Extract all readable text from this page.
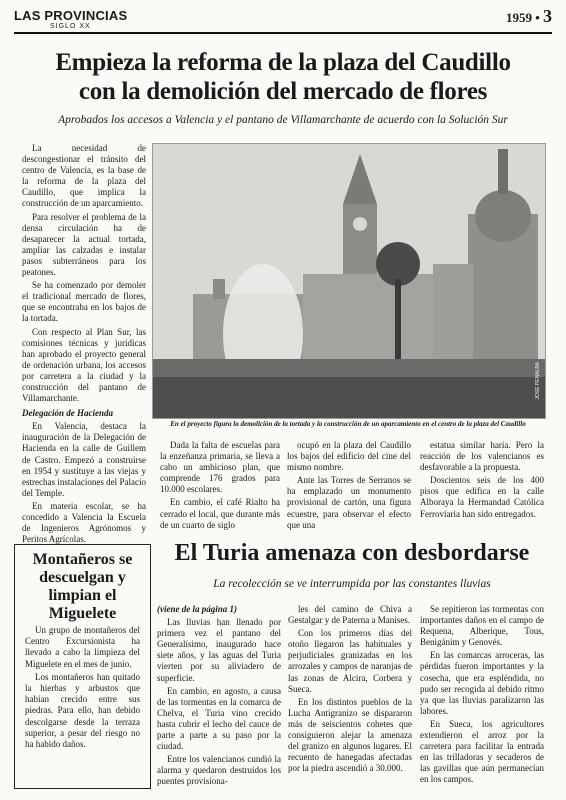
LAS PROVINCIAS
SIGLO XX
1959 • 3
Empieza la reforma de la plaza del Caudillo
con la demolición del mercado de flores
Aprobados los accesos a Valencia y el pantano de Villamarchante de acuerdo con la Solución Sur

La necesidad de descongestionar el tránsito del centro de Valencia, es la base de la reforma de la plaza del Caudillo, que implica la construcción de un aparcamiento.

Para resolver el problema de la densa circulación ha de desaparecer la actual tortada, ampliar las calzadas e instalar pasos subterráneos para los peatones.

Se ha comenzado por demoler el tradicional mercado de flores, que se encontraba en los bajos de la tortada.

Con respecto al Plan Sur, las comisiones técnicas y jurídicas han aprobado el proyecto general de ordenación urbana, los accesos por carretera a la ciudad y la construcción del pantano de Villamarchante.

Delegación de Hacienda

En Valencia, destaca la inauguración de la Delegación de Hacienda en la calle de Guillem de Castro. Empezó a construirse en 1954 y sustituye a las viejas y estrechas instalaciones del Palacio del Temple.

En materia escolar, se ha concedido a Valencia la Escuela de Ingenieros Agrónomos y Peritos Agrícolas.

JOSÉ PENALBA
En el proyecto figura la demolición de la tortada y la construcción de un aparcamiento en el centro de la plaza del Caudillo

Dada la falta de escuelas para la enzeñanza primaria, se lleva a cabo un ambicioso plan, que comprende 176 grados para 10.000 escolares.

En cambio, el café Rialto ha cerrado el local, que durante más de un cuarto de siglo

ocupó en la plaza del Caudillo los bajos del edificio del cine del mismo nombre.

Ante las Torres de Serranos se ha emplazado un monumento provisional de cartón, una figura ecuestre, para observar el efecto que una

estatua similar haría. Pero la reacción de los valencianos es desfavorable a la propuesta.

Doscientos seis de los 400 pisos que edifica en la calle Alboraya la Hermandad Católica Ferroviaria han sido entregados.

Montañeros se descuelgan y limpian el Miguelete

Un grupo de montañeros del Centro Excursionista ha llevado a cabo la limpieza del Miguelete en el mes de junio.

Los montañeros han quitado la hierbas y arbustos que habían crecido entre sus piedras. Para ello, han debido descolgarse desde la terraza superior, a pesar del riesgo no ha habido daños.

El Turia amenaza con desbordarse
La recolección se ve interrumpida por las constantes lluvias

(viene de la página 1)

Las lluvias han llenado por primera vez el pantano del Generalísimo, inaugurado hace siete años, y las aguas del Turia vierten por su aliviadero de superficie.

En cambio, en agosto, a causa de las tormentas en la comarca de Chelva, el Turia vino crecido hasta cubrir el lecho del cauce de parte a parte a su paso por la ciudad.

Entre los valencianos cundió la alarma y quedaron destruidos los puentes provisiona-

les del camino de Chiva a Gestalgar y de Paterna a Manises.

Con los primeros días del otoño llegaron las habituales y perjudiciales granizadas en los arrozales y campos de naranjas de las zonas de Alcira, Corbera y Sueca.

En los distintos pueblos de la Lucha Antigranizo se dispararon más de seiscientos cohetes que consiguieron alejar la amenaza del granizo en algunos lugares. El recuento de hanegadas afectadas por la piedra ascendió a 30.000.

Se repitieron las tormentas con importantes daños en el campo de Requena, Alberique, Tous, Benigánim y Genovés.

En las comarcas arroceras, las pérdidas fueron importantes y la cosecha, que era espléndida, no pudo ser recogida al debido ritmo ya que las lluvias paralizaron las labores.

En Sueca, los agricultores extendieron el arroz por la carretera para facilitar la entrada en las trilladoras y secaderos de las gavillas que aún permanecían en los campos.
